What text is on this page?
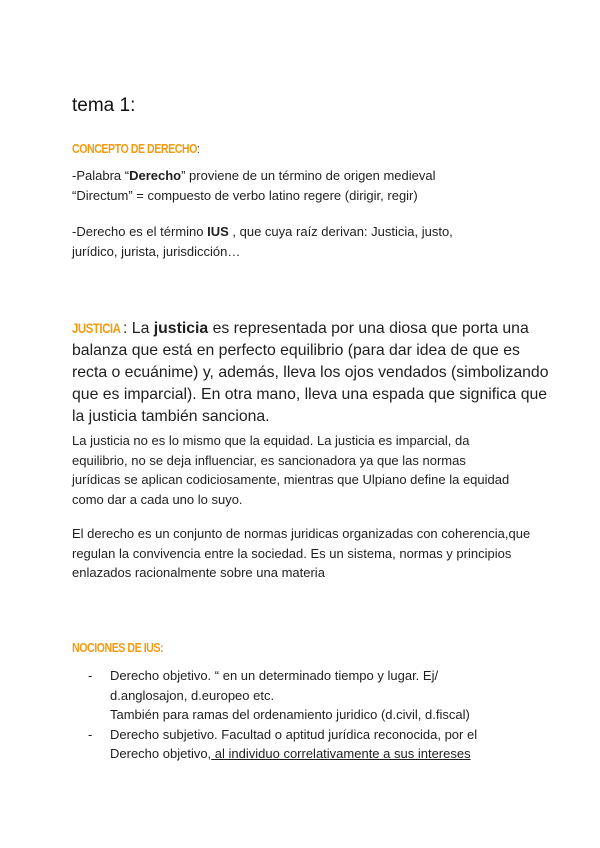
tema 1:
CONCEPTO DE DERECHO:
-Palabra “Derecho” proviene de un término de origen medieval
“Directum” = compuesto de verbo latino regere (dirigir, regir)
-Derecho es el término IUS , que cuya raíz derivan: Justicia, justo,
jurídico, jurista, jurisdicción…
JUSTICIA : La justicia es representada por una diosa que porta una balanza que está en perfecto equilibrio (para dar idea de que es recta o ecuánime) y, además, lleva los ojos vendados (simbolizando que es imparcial). En otra mano, lleva una espada que significa que la justicia también sanciona.
La justicia no es lo mismo que la equidad. La justicia es imparcial, da equilibrio, no se deja influenciar, es sancionadora ya que las normas jurídicas se aplican codiciosamente, mientras que Ulpiano define la equidad como dar a cada uno lo suyo.
El derecho es un conjunto de normas juridicas organizadas con coherencia,que regulan la convivencia entre la sociedad. Es un sistema, normas y principios enlazados racionalmente sobre una materia
NOCIONES DE IUS:
- Derecho objetivo. “ en un determinado tiempo y lugar. Ej/
d.anglosajon, d.europeo etc.
También para ramas del ordenamiento juridico (d.civil, d.fiscal)
- Derecho subjetivo. Facultad o aptitud jurídica reconocida, por el
Derecho objetivo, al individuo correlativamente a sus intereses
